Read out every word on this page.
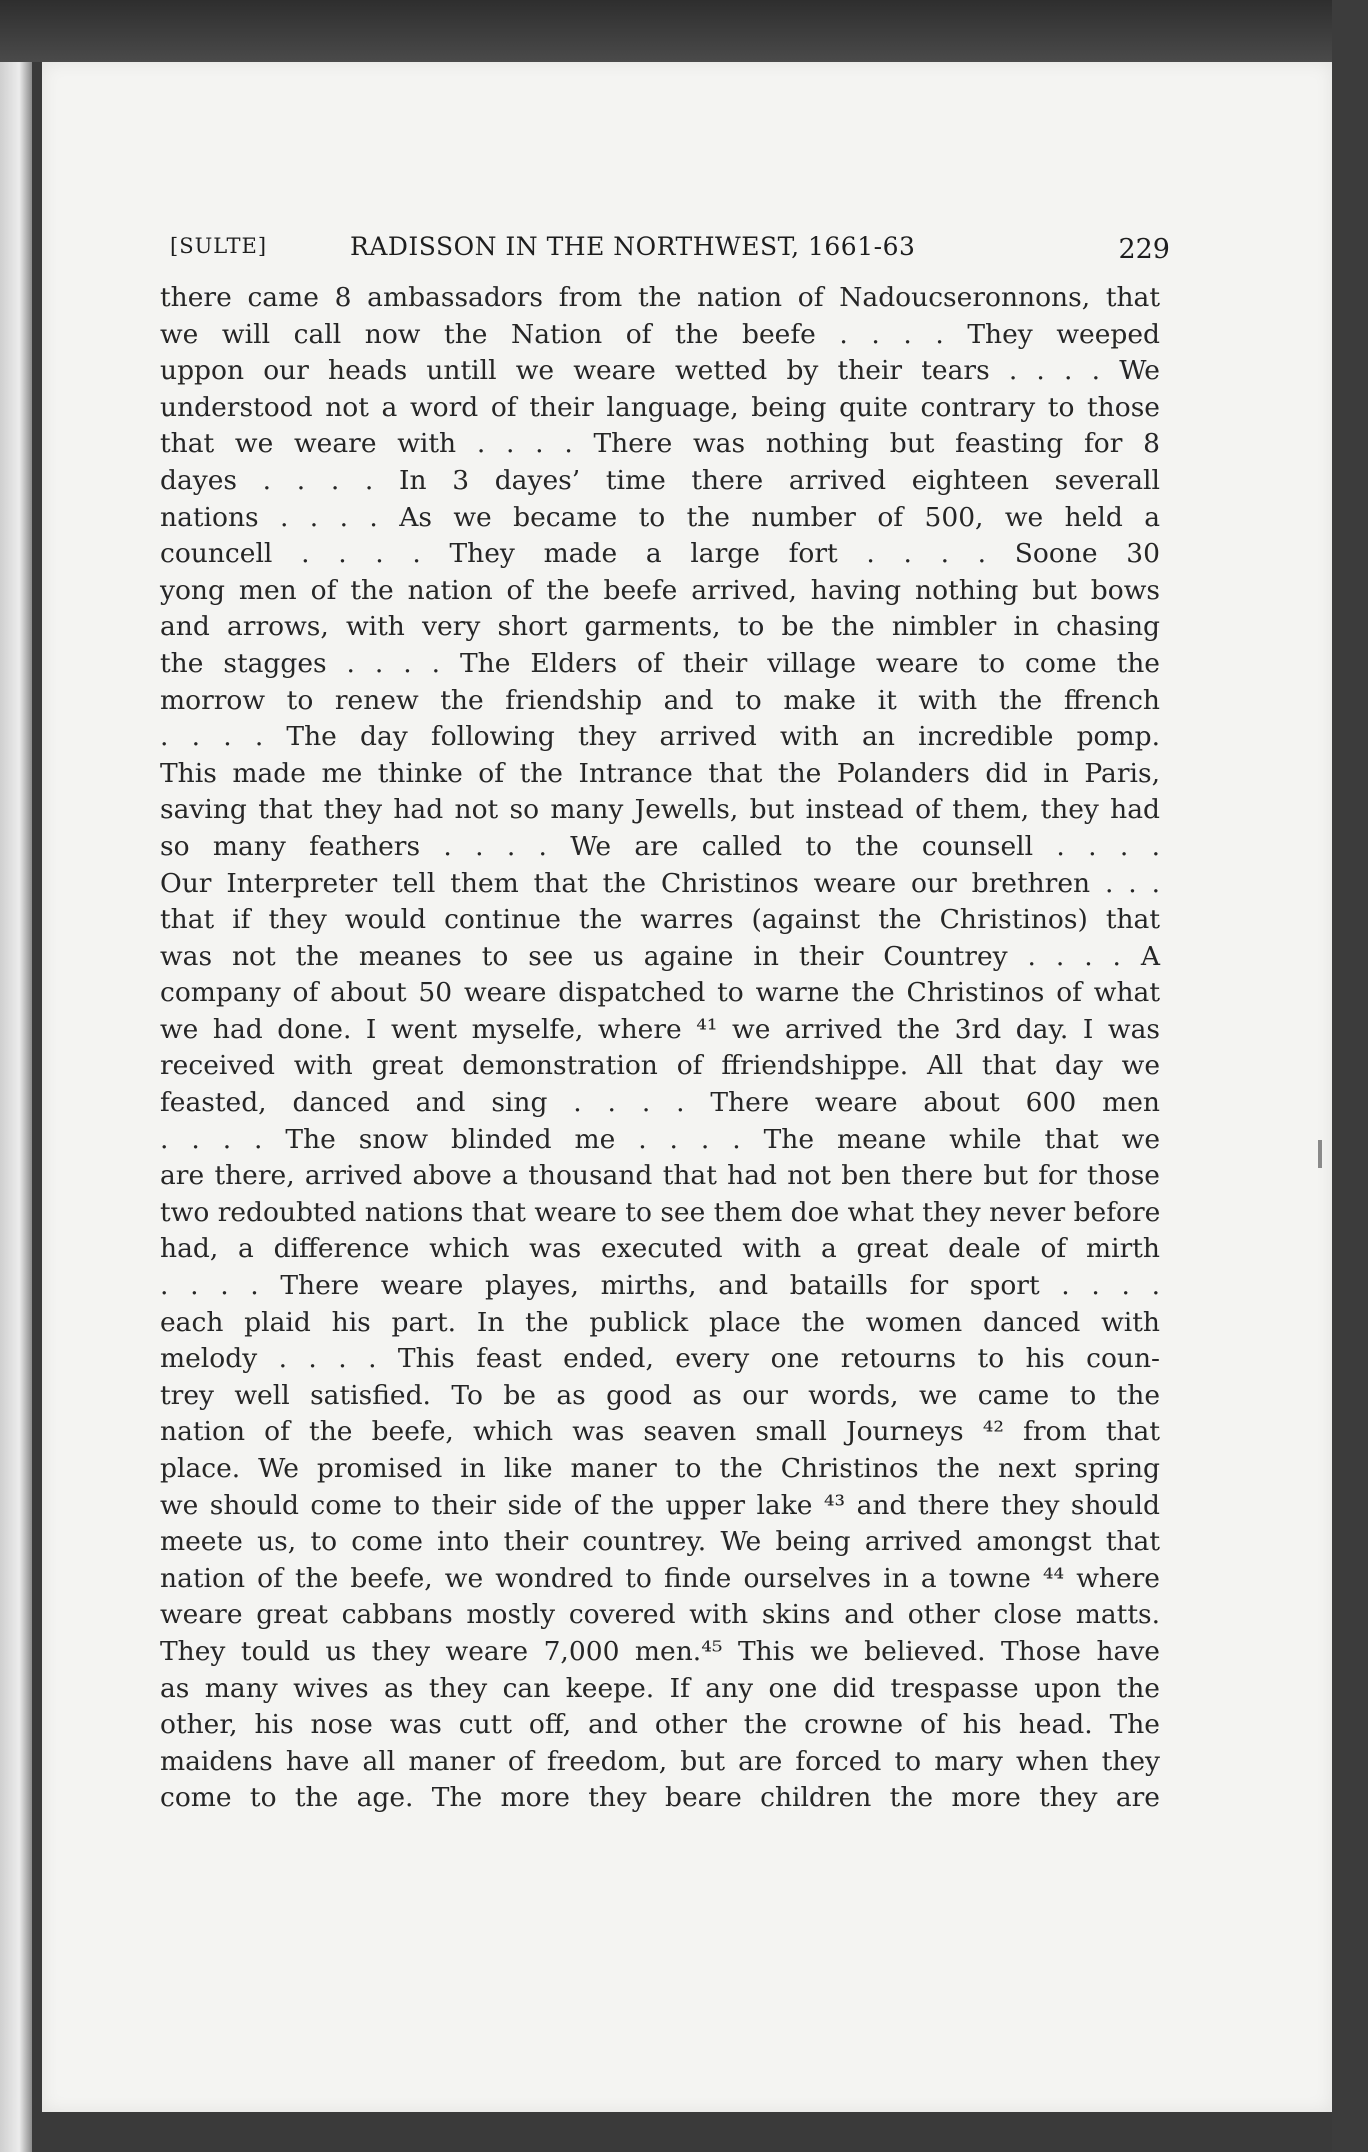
[SULTE]	RADISSON IN THE NORTHWEST, 1661-63	229
there came 8 ambassadors from the nation of Nadoucseronnons, that
we will call now the Nation of the beefe . . . . They weeped
uppon our heads untill we weare wetted by their tears . . . . We
understood not a word of their language, being quite contrary to those
that we weare with . . . . There was nothing but feasting for 8
dayes . . . . In 3 dayes’ time there arrived eighteen severall
nations . . . . As we became to the number of 500, we held a
councell . . . . They made a large fort . . . . Soone 30
yong men of the nation of the beefe arrived, having nothing but bows
and arrows, with very short garments, to be the nimbler in chasing
the stagges . . . . The Elders of their village weare to come the
morrow to renew the friendship and to make it with the ffrench
. . . . The day following they arrived with an incredible pomp.
This made me thinke of the Intrance that the Polanders did in Paris,
saving that they had not so many Jewells, but instead of them, they had
so many feathers . . . . We are called to the counsell . . . .
Our Interpreter tell them that the Christinos weare our brethren . . .
that if they would continue the warres (against the Christinos) that
was not the meanes to see us againe in their Countrey . . . . A
company of about 50 weare dispatched to warne the Christinos of what
we had done. I went myselfe, where ⁴¹ we arrived the 3rd day. I was
received with great demonstration of ffriendshippe. All that day we
feasted, danced and sing . . . . There weare about 600 men
. . . . The snow blinded me . . . . The meane while that we
are there, arrived above a thousand that had not ben there but for those
two redoubted nations that weare to see them doe what they never before
had, a difference which was executed with a great deale of mirth
. . . . There weare playes, mirths, and bataills for sport . . . .
each plaid his part. In the publick place the women danced with
melody . . . . This feast ended, every one retourns to his coun-
trey well satisfied. To be as good as our words, we came to the
nation of the beefe, which was seaven small Journeys ⁴² from that
place. We promised in like maner to the Christinos the next spring
we should come to their side of the upper lake ⁴³ and there they should
meete us, to come into their countrey. We being arrived amongst that
nation of the beefe, we wondred to finde ourselves in a towne ⁴⁴ where
weare great cabbans mostly covered with skins and other close matts.
They tould us they weare 7,000 men.⁴⁵ This we believed. Those have
as many wives as they can keepe. If any one did trespasse upon the
other, his nose was cutt off, and other the crowne of his head. The
maidens have all maner of freedom, but are forced to mary when they
come to the age. The more they beare children the more they are
